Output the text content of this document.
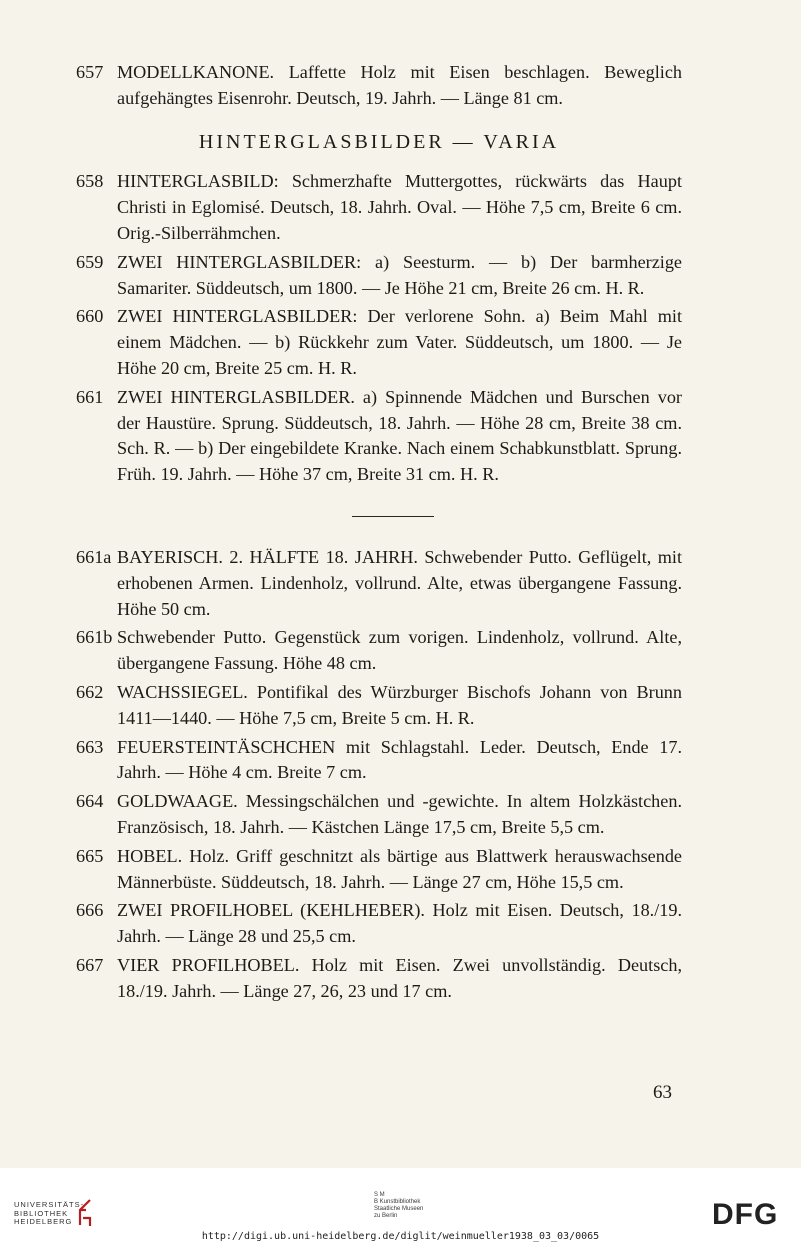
657 MODELLKANONE. Laffette Holz mit Eisen beschlagen. Beweglich aufgehängtes Eisenrohr. Deutsch, 19. Jahrh. — Länge 81 cm.
HINTERGLASBILDER — VARIA
658 HINTERGLASBILD: Schmerzhafte Muttergottes, rückwärts das Haupt Christi in Eglomisé. Deutsch, 18. Jahrh. Oval. — Höhe 7,5 cm, Breite 6 cm. Orig.-Silberrähmchen.
659 ZWEI HINTERGLASBILDER: a) Seesturm. — b) Der barmherzige Samariter. Süddeutsch, um 1800. — Je Höhe 21 cm, Breite 26 cm. H. R.
660 ZWEI HINTERGLASBILDER: Der verlorene Sohn. a) Beim Mahl mit einem Mädchen. — b) Rückkehr zum Vater. Süddeutsch, um 1800. — Je Höhe 20 cm, Breite 25 cm. H. R.
661 ZWEI HINTERGLASBILDER. a) Spinnende Mädchen und Burschen vor der Haustüre. Sprung. Süddeutsch, 18. Jahrh. — Höhe 28 cm, Breite 38 cm. Sch. R. — b) Der eingebildete Kranke. Nach einem Schabkunstblatt. Sprung. Früh. 19. Jahrh. — Höhe 37 cm, Breite 31 cm. H. R.
661a BAYERISCH. 2. HÄLFTE 18. JAHRH. Schwebender Putto. Geflügelt, mit erhobenen Armen. Lindenholz, vollrund. Alte, etwas übergangene Fassung. Höhe 50 cm.
661b Schwebender Putto. Gegenstück zum vorigen. Lindenholz, vollrund. Alte, übergangene Fassung. Höhe 48 cm.
662 WACHSSIEGEL. Pontifikal des Würzburger Bischofs Johann von Brunn 1411—1440. — Höhe 7,5 cm, Breite 5 cm. H. R.
663 FEUERSTEINTÄSCHCHEN mit Schlagstahl. Leder. Deutsch, Ende 17. Jahrh. — Höhe 4 cm. Breite 7 cm.
664 GOLDWAAGE. Messingschälchen und -gewichte. In altem Holzkästchen. Französisch, 18. Jahrh. — Kästchen Länge 17,5 cm, Breite 5,5 cm.
665 HOBEL. Holz. Griff geschnitzt als bärtige aus Blattwerk herauswachsende Männerbüste. Süddeutsch, 18. Jahrh. — Länge 27 cm, Höhe 15,5 cm.
666 ZWEI PROFILHOBEL (KEHLHEBER). Holz mit Eisen. Deutsch, 18./19. Jahrh. — Länge 28 und 25,5 cm.
667 VIER PROFILHOBEL. Holz mit Eisen. Zwei unvollständig. Deutsch, 18./19. Jahrh. — Länge 27, 26, 23 und 17 cm.
63
UNIVERSITÄTS-
BIBLIOTHEK
HEIDELBERG
S M
B Kunstbibliothek
Staatliche Museen
zu Berlin	DFG
http://digi.ub.uni-heidelberg.de/diglit/weinmueller1938_03_03/0065
